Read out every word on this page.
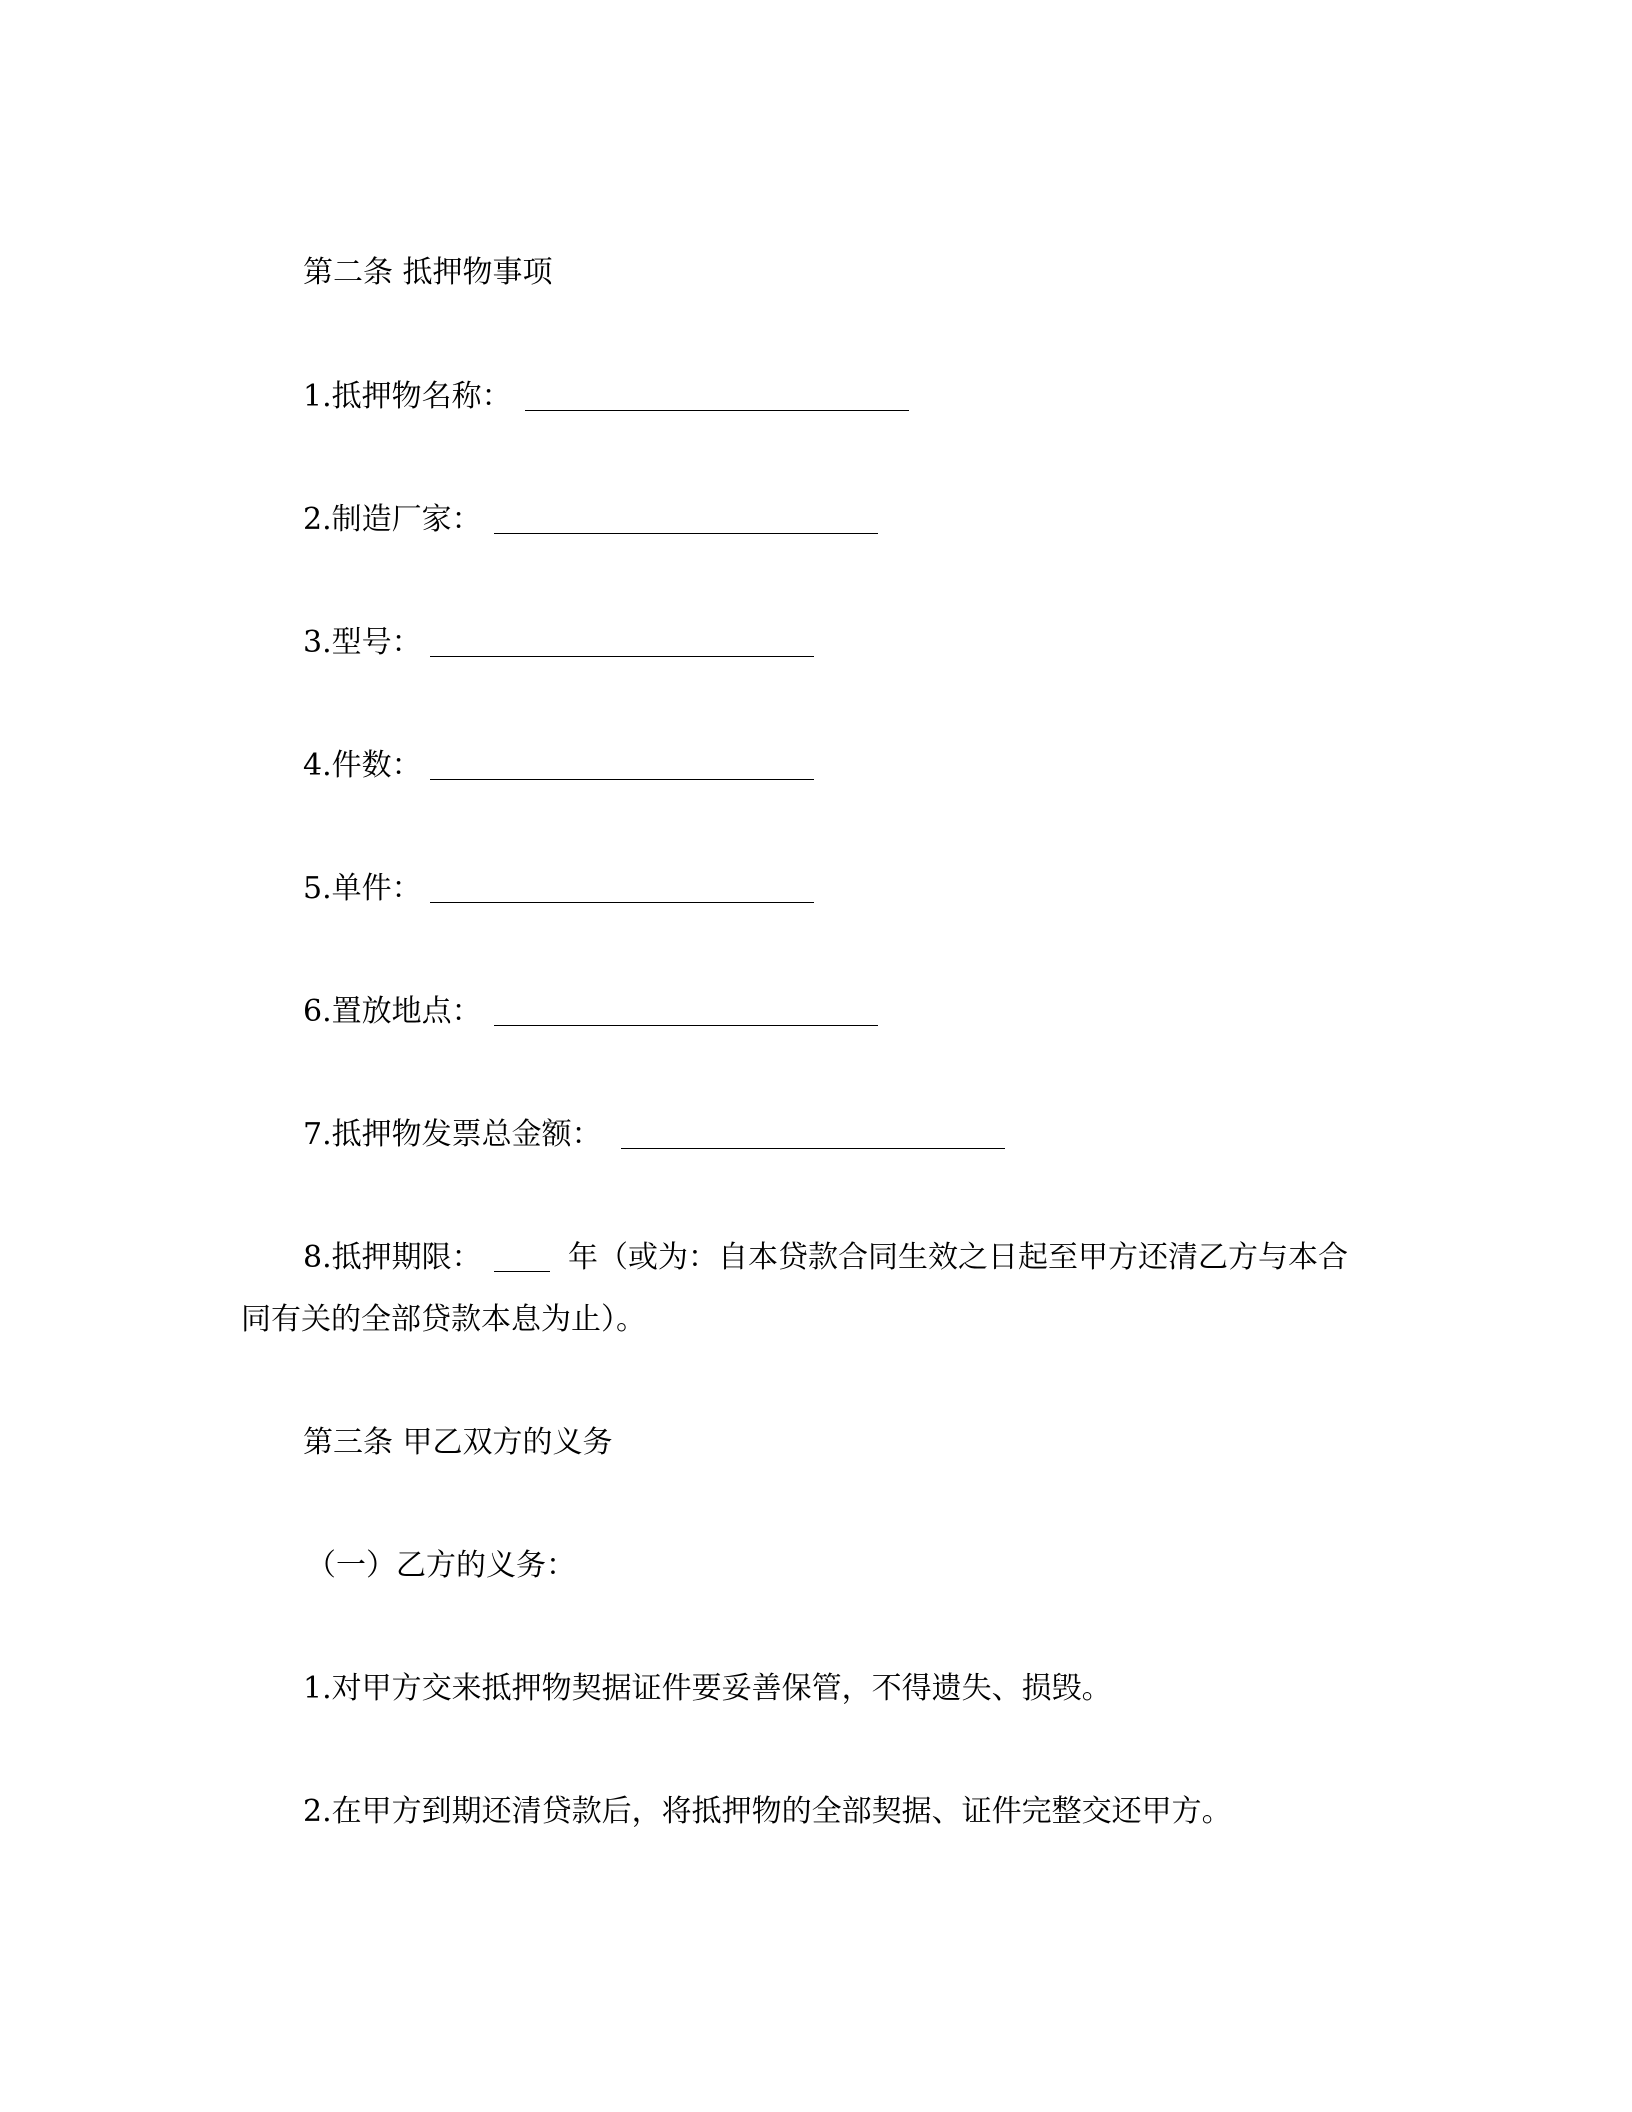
第二条 抵押物事项
1.抵押物名称：
2.制造厂家：
3.型号：
4.件数：
5.单件：
6.置放地点：
7.抵押物发票总金额：
8.抵押期限：	年（或为：自本贷款合同生效之日起至甲方还清乙方与本合
同有关的全部贷款本息为止）。
第三条 甲乙双方的义务
（一）乙方的义务：
1.对甲方交来抵押物契据证件要妥善保管，不得遗失、损毁。
2.在甲方到期还清贷款后，将抵押物的全部契据、证件完整交还甲方。
